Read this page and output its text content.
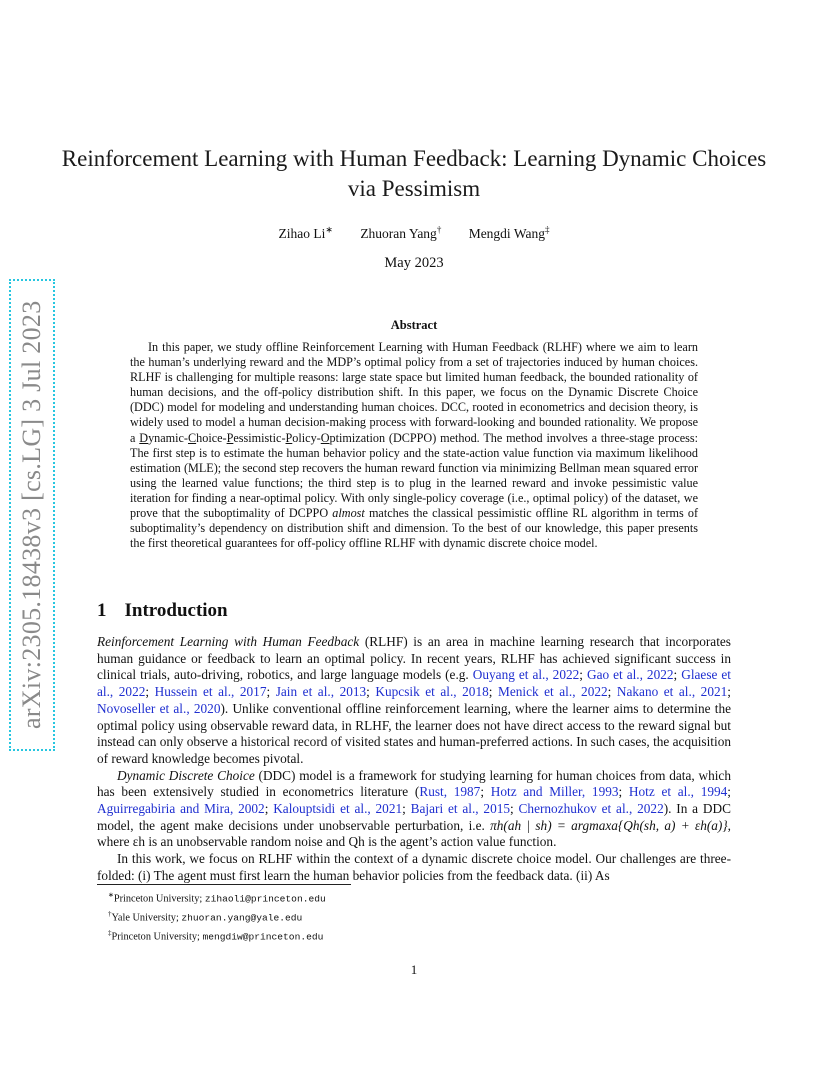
arXiv:2305.18438v3 [cs.LG] 3 Jul 2023
Reinforcement Learning with Human Feedback: Learning Dynamic Choices via Pessimism
Zihao Li∗ Zhuoran Yang† Mengdi Wang‡
May 2023
Abstract

In this paper, we study offline Reinforcement Learning with Human Feedback (RLHF) where we aim to learn the human’s underlying reward and the MDP’s optimal policy from a set of trajectories induced by human choices. RLHF is challenging for multiple reasons: large state space but limited human feedback, the bounded rationality of human decisions, and the off-policy distribution shift. In this paper, we focus on the Dynamic Discrete Choice (DDC) model for modeling and understanding human choices. DCC, rooted in econometrics and decision theory, is widely used to model a human decision-making process with forward-looking and bounded rationality. We propose a Dynamic-Choice-Pessimistic-Policy-Optimization (DCPPO) method. The method involves a three-stage process: The first step is to estimate the human behavior policy and the state-action value function via maximum likelihood estimation (MLE); the second step recovers the human reward function via minimizing Bellman mean squared error using the learned value functions; the third step is to plug in the learned reward and invoke pessimistic value iteration for finding a near-optimal policy. With only single-policy coverage (i.e., optimal policy) of the dataset, we prove that the suboptimality of DCPPO almost matches the classical pessimistic offline RL algorithm in terms of suboptimality’s dependency on distribution shift and dimension. To the best of our knowledge, this paper presents the first theoretical guarantees for off-policy offline RLHF with dynamic discrete choice model.

1 Introduction

Reinforcement Learning with Human Feedback (RLHF) is an area in machine learning research that incorporates human guidance or feedback to learn an optimal policy. In recent years, RLHF has achieved significant success in clinical trials, auto-driving, robotics, and large language models (e.g. Ouyang et al., 2022; Gao et al., 2022; Glaese et al., 2022; Hussein et al., 2017; Jain et al., 2013; Kupcsik et al., 2018; Menick et al., 2022; Nakano et al., 2021; Novoseller et al., 2020). Unlike conventional offline reinforcement learning, where the learner aims to determine the optimal policy using observable reward data, in RLHF, the learner does not have direct access to the reward signal but instead can only observe a historical record of visited states and human-preferred actions. In such cases, the acquisition of reward knowledge becomes pivotal.

Dynamic Discrete Choice (DDC) model is a framework for studying learning for human choices from data, which has been extensively studied in econometrics literature (Rust, 1987; Hotz and Miller, 1993; Hotz et al., 1994; Aguirregabiria and Mira, 2002; Kalouptsidi et al., 2021; Bajari et al., 2015; Chernozhukov et al., 2022). In a DDC model, the agent make decisions under unobservable perturbation, i.e. πh(ah | sh) = argmaxa{Qh(sh, a) + εh(a)}, where εh is an unobservable random noise and Qh is the agent’s action value function.

In this work, we focus on RLHF within the context of a dynamic discrete choice model. Our challenges are three-folded: (i) The agent must first learn the human behavior policies from the feedback data. (ii) As

∗Princeton University; zihaoli@princeton.edu
†Yale University; zhuoran.yang@yale.edu
‡Princeton University; mengdiw@princeton.edu
1
